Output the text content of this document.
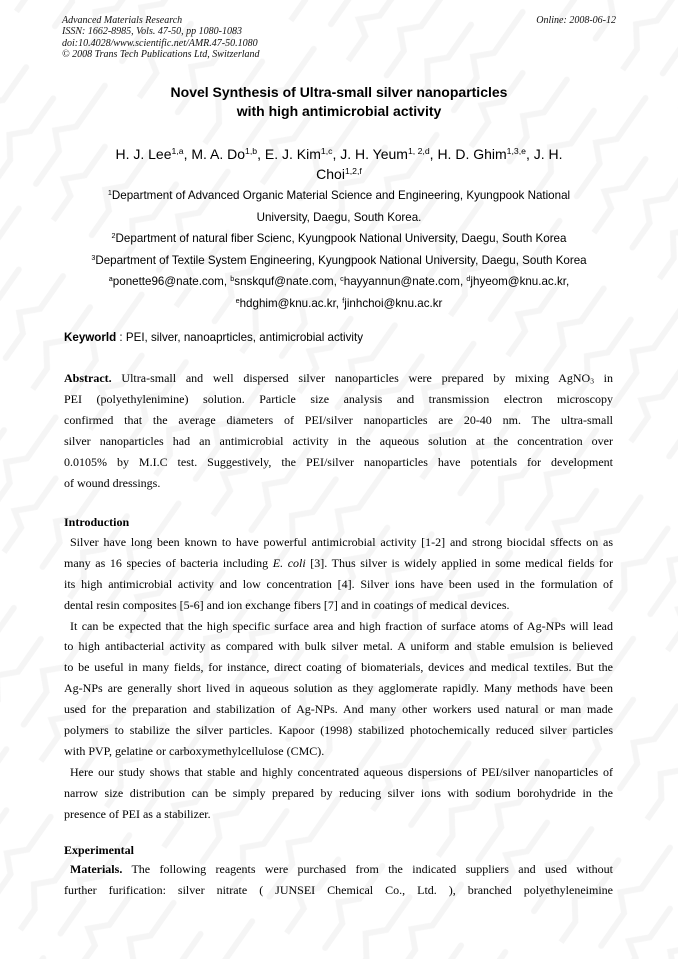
Advanced Materials Research
ISSN: 1662-8985, Vols. 47-50, pp 1080-1083
doi:10.4028/www.scientific.net/AMR.47-50.1080
© 2008 Trans Tech Publications Ltd, Switzerland
Online: 2008-06-12
Novel Synthesis of Ultra-small silver nanoparticles
with high antimicrobial activity
H. J. Lee$^{1,a}$, M. A. Do$^{1,b}$, E. J. Kim$^{1,c}$, J. H. Yeum$^{1, 2,d}$, H. D. Ghim$^{1,3,e}$, J. H.
Choi$^{1,2,f}$
$^1$Department of Advanced Organic Material Science and Engineering, Kyungpook National
University, Daegu, South Korea.
$^2$Department of natural fiber Scienc, Kyungpook National University, Daegu, South Korea
$^3$Department of Textile System Engineering, Kyungpook National University, Daegu, South Korea
$^a$ponette96@nate.com, $^b$snskquf@nate.com, $^c$hayyannun@nate.com, $^d$jhyeom@knu.ac.kr,
$^e$hdghim@knu.ac.kr, $^f$jinhchoi@knu.ac.kr
Keyworld : PEI, silver, nanoaprticles, antimicrobial activity
Abstract. Ultra-small and well dispersed silver nanoparticles were prepared by mixing AgNO$_3$ in
PEI (polyethylenimine) solution. Particle size analysis and transmission electron microscopy
confirmed that the average diameters of PEI/silver nanoparticles are 20-40 nm. The ultra-small
silver nanoparticles had an antimicrobial activity in the aqueous solution at the concentration over
0.0105% by M.I.C test. Suggestively, the PEI/silver nanoparticles have potentials for development
of wound dressings.
Introduction
Silver have long been known to have powerful antimicrobial activity [1-2] and strong biocidal sffects on as
many as 16 species of bacteria including E. coli [3]. Thus silver is widely applied in some medical fields for
its high antimicrobial activity and low concentration [4]. Silver ions have been used in the formulation of
dental resin composites [5-6] and ion exchange fibers [7] and in coatings of medical devices.
It can be expected that the high specific surface area and high fraction of surface atoms of Ag-NPs will lead
to high antibacterial activity as compared with bulk silver metal. A uniform and stable emulsion is believed
to be useful in many fields, for instance, direct coating of biomaterials, devices and medical textiles. But the
Ag-NPs are generally short lived in aqueous solution as they agglomerate rapidly. Many methods have been
used for the preparation and stabilization of Ag-NPs. And many other workers used natural or man made
polymers to stabilize the silver particles. Kapoor (1998) stabilized photochemically reduced silver particles
with PVP, gelatine or carboxymethylcellulose (CMC).
Here our study shows that stable and highly concentrated aqueous dispersions of PEI/silver nanoparticles of
narrow size distribution can be simply prepared by reducing silver ions with sodium borohydride in the
presence of PEI as a stabilizer.
Experimental
Materials. The following reagents were purchased from the indicated suppliers and used without
further furification: silver nitrate ( JUNSEI Chemical Co., Ltd. ), branched polyethyleneimine
